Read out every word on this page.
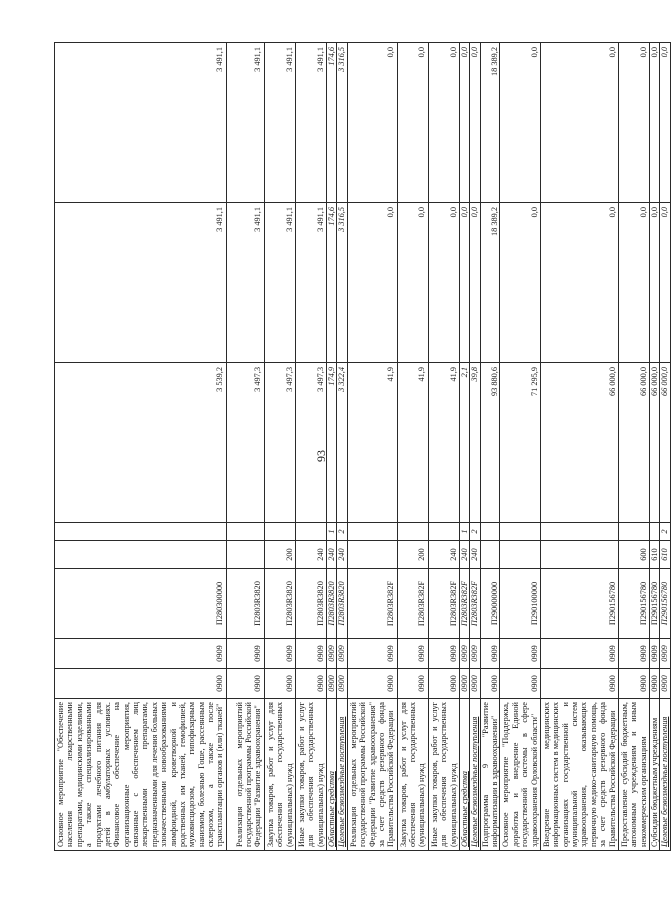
93
Основное мероприятие "Обеспечение населения лекарственными препаратами, медицинскими изделиями, а также специализированными продуктами лечебного питания для детей в амбулаторных условиях. Финансовое обеспечение на организационные мероприятия, связанные с обеспечением лиц лекарственными препаратами, предназначенными для лечения больных злокачественными новообразованиями лимфоидной, кроветворной и родственных им тканей, гемофилией, муковисцидозом, гипофизарным нанизмом, болезнью Гоше, рассеянным склерозом, а также после трансплантации органов и (или) тканей"	0900	0909	П280300000			3 539,2	3 491,1	3 491,1
Реализация отдельных мероприятий государственной программы Российской Федерации "Развитие здравоохранения"	0900	0909	П2803R3820			3 497,3	3 491,1	3 491,1
Закупка товаров, работ и услуг для обеспечения государственных (муниципальных) нужд	0900	0909	П2803R3820	200		3 497,3	3 491,1	3 491,1
Иные закупки товаров, работ и услуг для обеспечения государственных (муниципальных) нужд	0900	0909	П2803R3820	240		3 497,3	3 491,1	3 491,1
Областные средства	0900	0909	П2803R3820	240	1	174,9	174,6	174,6
Целевые безвозмездные поступления	0900	0909	П2803R3820	240	2	3 322,4	3 316,5	3 316,5
Реализация отдельных мероприятий государственной программы Российской Федерации "Развитие здравоохранения" за счет средств резервного фонда Правительства Российской Федерации	0900	0909	П2803R382F			41,9	0,0	0,0
Закупка товаров, работ и услуг для обеспечения государственных (муниципальных) нужд	0900	0909	П2803R382F	200		41,9	0,0	0,0
Иные закупки товаров, работ и услуг для обеспечения государственных (муниципальных) нужд	0900	0909	П2803R382F	240		41,9	0,0	0,0
Областные средства	0900	0909	П2803R382F	240	1	2,1	0,0	0,0
Целевые безвозмездные поступления	0900	0909	П2803R382F	240	2	39,8	0,0	0,0
Подпрограмма 9 "Развитие информатизации в здравоохранении"	0900	0909	П290000000			93 880,6	18 389,2	18 389,2
Основное мероприятие "Поддержка, доработка и внедрение Единой государственной системы в сфере здравоохранения Орловской области"	0900	0909	П290100000			71 295,9	0,0	0,0
Внедрение медицинских информационных систем в медицинских организациях государственной и муниципальной систем здравоохранения, оказывающих первичную медико-санитарную помощь, за счет средств резервного фонда Правительства Российской Федерации	0900	0909	П290156780			66 000,0	0,0	0,0
Предоставление субсидий бюджетным, автономным учреждениям и иным некоммерческим организациям	0900	0909	П290156780	600		66 000,0	0,0	0,0
Субсидии бюджетным учреждениям	0900	0909	П290156780	610		66 000,0	0,0	0,0
Целевые безвозмездные поступления	0900	0909	П290156780	610	2	66 000,0	0,0	0,0
